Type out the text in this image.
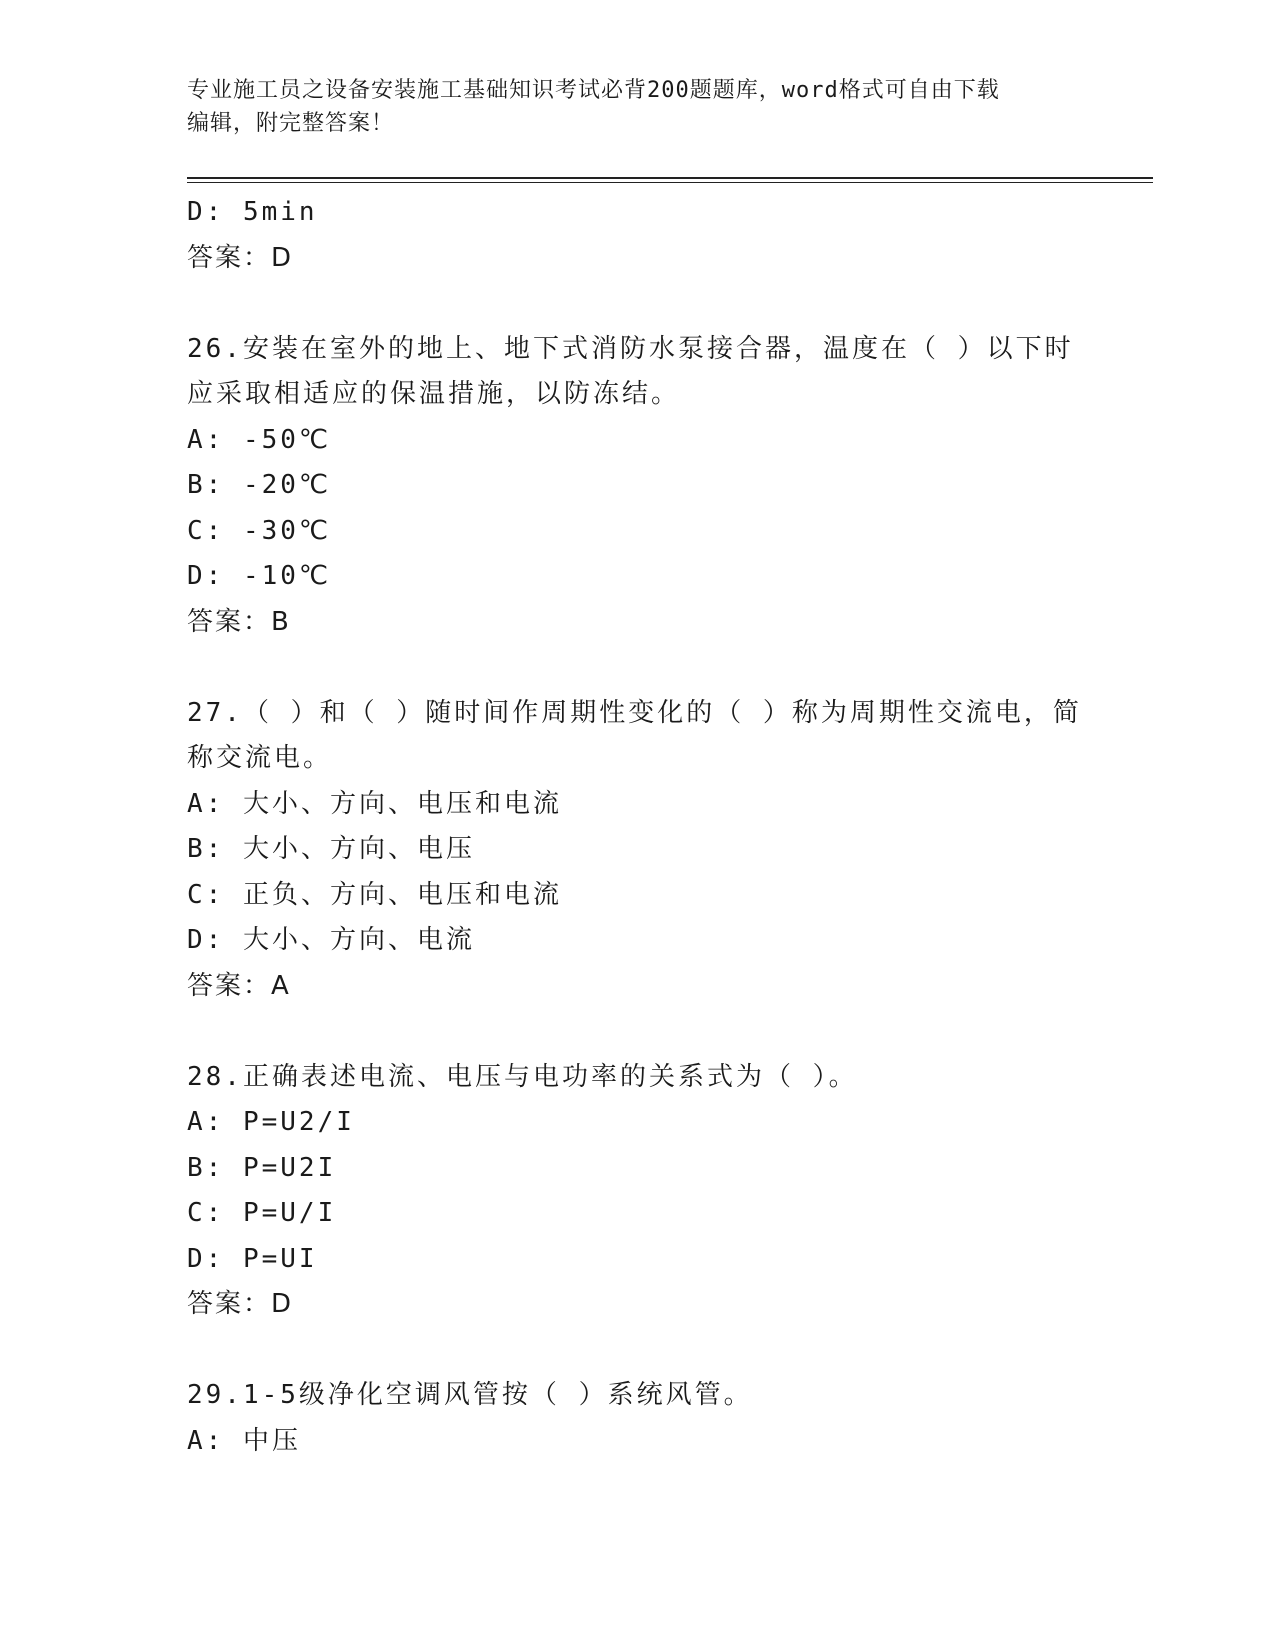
专业施工员之设备安装施工基础知识考试必背200题题库，word格式可自由下载
编辑，附完整答案！
D: 5min
答案：D
26.安装在室外的地上、地下式消防水泵接合器，温度在（ ）以下时
应采取相适应的保温措施，以防冻结。
A: -50℃
B: -20℃
C: -30℃
D: -10℃
答案：B
27.（ ）和（ ）随时间作周期性变化的（ ）称为周期性交流电，简
称交流电。
A: 大小、方向、电压和电流
B: 大小、方向、电压
C: 正负、方向、电压和电流
D: 大小、方向、电流
答案：A
28.正确表述电流、电压与电功率的关系式为（ ）。
A: P=U2/I
B: P=U2I
C: P=U/I
D: P=UI
答案：D
29.1-5级净化空调风管按（ ）系统风管。
A: 中压
